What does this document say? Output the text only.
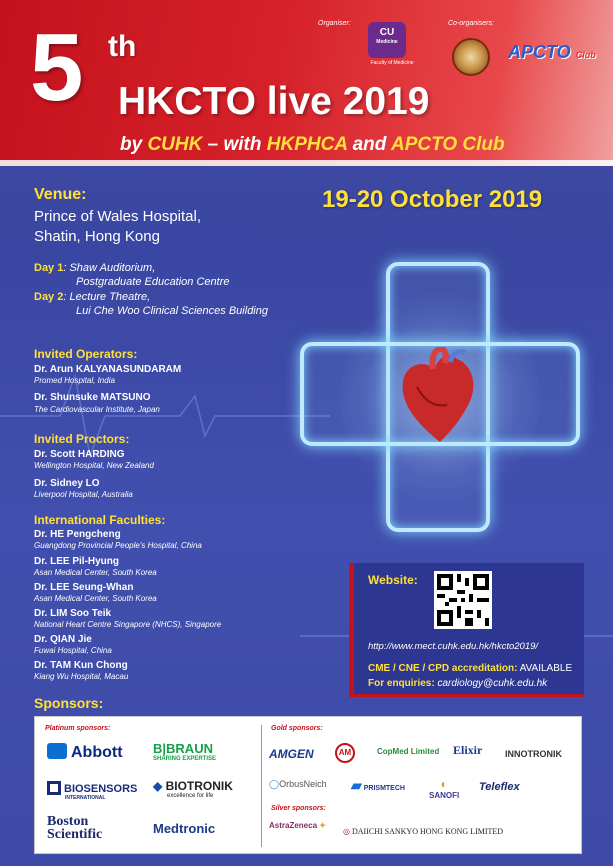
5 th
HKCTO live 2019
by CUHK – with HKPHCA and APCTO Club
Organiser:	Co-organisers:
CU
Medicine
Faculty of Medicine
APCTO Club
19-20 October 2019
Venue:
Prince of Wales Hospital,
Shatin, Hong Kong
Day 1: Shaw Auditorium,
Postgraduate Education Centre
Day 2: Lecture Theatre,
Lui Che Woo Clinical Sciences Building
Invited Operators:
Dr. Arun KALYANASUNDARAM
Promed Hospital, India
Dr. Shunsuke MATSUNO
The Cardiovascular Institute, Japan
Invited Proctors:
Dr. Scott HARDING
Wellington Hospital, New Zealand
Dr. Sidney LO
Liverpool Hospital, Australia
International Faculties:
Dr. HE Pengcheng
Guangdong Provincial People's Hospital, China
Dr. LEE Pil-Hyung
Asan Medical Center, South Korea
Dr. LEE Seung-Whan
Asan Medical Center, South Korea
Dr. LIM Soo Teik
National Heart Centre Singapore (NHCS), Singapore
Dr. QIAN Jie
Fuwai Hospital, China
Dr. TAM Kun Chong
Kiang Wu Hospital, Macau
Website:
http://www.mect.cuhk.edu.hk/hkcto2019/
CME / CNE / CPD accreditation: AVAILABLE
For enquiries: cardiology@cuhk.edu.hk
Sponsors:
Platinum sponsors:	Gold sponsors:
Silver sponsors:
Abbott B|BRAUN
SHARING EXPERTISE
BIOSENSORS
INTERNATIONAL
◆ BIOTRONIK
excellence for life
Boston
Scientific	Medtronic
AMGEN	AM	CopMed Limited Elixir	INNOTRONIK
◯OrbusNeich ▰ PRISMTECH	◐
SANOFI
Teleflex
AstraZeneca ✦
◎ DAIICHI SANKYO HONG KONG LIMITED
